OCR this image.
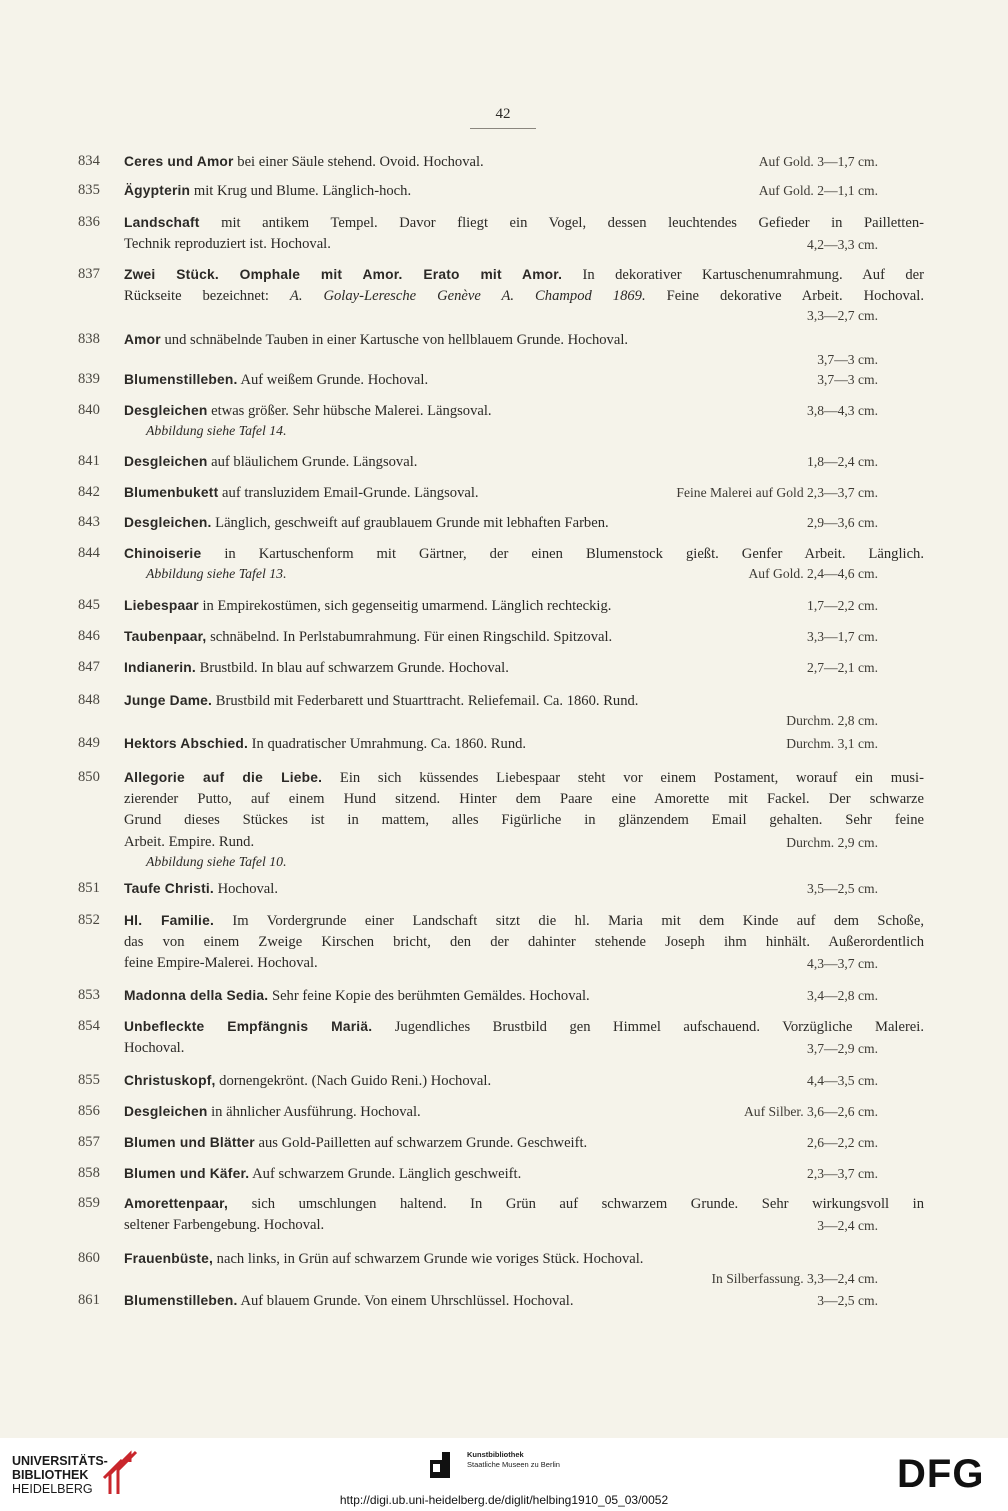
42
834	Ceres und Amor bei einer Säule stehend. Ovoid. Hochoval.	Auf Gold. 3—1,7 cm.
835	Ägypterin mit Krug und Blume. Länglich-hoch.	Auf Gold. 2—1,1 cm.
836	Landschaft mit antikem Tempel. Davor fliegt ein Vogel, dessen leuchtendes Gefieder in Pailletten-
Technik reproduziert ist. Hochoval.	4,2—3,3 cm.
837	Zwei Stück. Omphale mit Amor. Erato mit Amor. In dekorativer Kartuschenumrahmung. Auf der
Rückseite bezeichnet: A. Golay-Leresche Genève A. Champod 1869. Feine dekorative Arbeit. Hochoval.
3,3—2,7 cm.
838	Amor und schnäbelnde Tauben in einer Kartusche von hellblauem Grunde. Hochoval.
3,7—3 cm.
839	Blumenstilleben. Auf weißem Grunde. Hochoval.	3,7—3 cm.
840	Desgleichen etwas größer. Sehr hübsche Malerei. Längsoval.	3,8—4,3 cm.
Abbildung siehe Tafel 14.
841	Desgleichen auf bläulichem Grunde. Längsoval.	1,8—2,4 cm.
842	Blumenbukett auf transluzidem Email-Grunde. Längsoval.	Feine Malerei auf Gold 2,3—3,7 cm.
843	Desgleichen. Länglich, geschweift auf graublauem Grunde mit lebhaften Farben.	2,9—3,6 cm.
844	Chinoiserie in Kartuschenform mit Gärtner, der einen Blumenstock gießt. Genfer Arbeit. Länglich.
Abbildung siehe Tafel 13.	Auf Gold. 2,4—4,6 cm.
845	Liebespaar in Empirekostümen, sich gegenseitig umarmend. Länglich rechteckig.	1,7—2,2 cm.
846	Taubenpaar, schnäbelnd. In Perlstabumrahmung. Für einen Ringschild. Spitzoval.	3,3—1,7 cm.
847	Indianerin. Brustbild. In blau auf schwarzem Grunde. Hochoval.	2,7—2,1 cm.
848	Junge Dame. Brustbild mit Federbarett und Stuarttracht. Reliefemail. Ca. 1860. Rund.
Durchm. 2,8 cm.
849	Hektors Abschied. In quadratischer Umrahmung. Ca. 1860. Rund.	Durchm. 3,1 cm.
850	Allegorie auf die Liebe. Ein sich küssendes Liebespaar steht vor einem Postament, worauf ein musi-
zierender Putto, auf einem Hund sitzend. Hinter dem Paare eine Amorette mit Fackel. Der schwarze
Grund dieses Stückes ist in mattem, alles Figürliche in glänzendem Email gehalten. Sehr feine
Arbeit. Empire. Rund.	Durchm. 2,9 cm.
Abbildung siehe Tafel 10.
851	Taufe Christi. Hochoval.	3,5—2,5 cm.
852	Hl. Familie. Im Vordergrunde einer Landschaft sitzt die hl. Maria mit dem Kinde auf dem Schoße,
das von einem Zweige Kirschen bricht, den der dahinter stehende Joseph ihm hinhält. Außerordentlich
feine Empire-Malerei. Hochoval.	4,3—3,7 cm.
853	Madonna della Sedia. Sehr feine Kopie des berühmten Gemäldes. Hochoval.	3,4—2,8 cm.
854	Unbefleckte Empfängnis Mariä. Jugendliches Brustbild gen Himmel aufschauend. Vorzügliche Malerei.
Hochoval.	3,7—2,9 cm.
855	Christuskopf, dornengekrönt. (Nach Guido Reni.) Hochoval.	4,4—3,5 cm.
856	Desgleichen in ähnlicher Ausführung. Hochoval.	Auf Silber. 3,6—2,6 cm.
857	Blumen und Blätter aus Gold-Pailletten auf schwarzem Grunde. Geschweift.	2,6—2,2 cm.
858	Blumen und Käfer. Auf schwarzem Grunde. Länglich geschweift.	2,3—3,7 cm.
859	Amorettenpaar, sich umschlungen haltend. In Grün auf schwarzem Grunde. Sehr wirkungsvoll in
seltener Farbengebung. Hochoval.	3—2,4 cm.
860	Frauenbüste, nach links, in Grün auf schwarzem Grunde wie voriges Stück. Hochoval.
In Silberfassung. 3,3—2,4 cm.
861	Blumenstilleben. Auf blauem Grunde. Von einem Uhrschlüssel. Hochoval.	3—2,5 cm.
UNIVERSITÄTS-
BIBLIOTHEK
HEIDELBERG
Kunstbibliothek
Staatliche Museen zu Berlin	DFG
http://digi.ub.uni-heidelberg.de/diglit/helbing1910_05_03/0052
